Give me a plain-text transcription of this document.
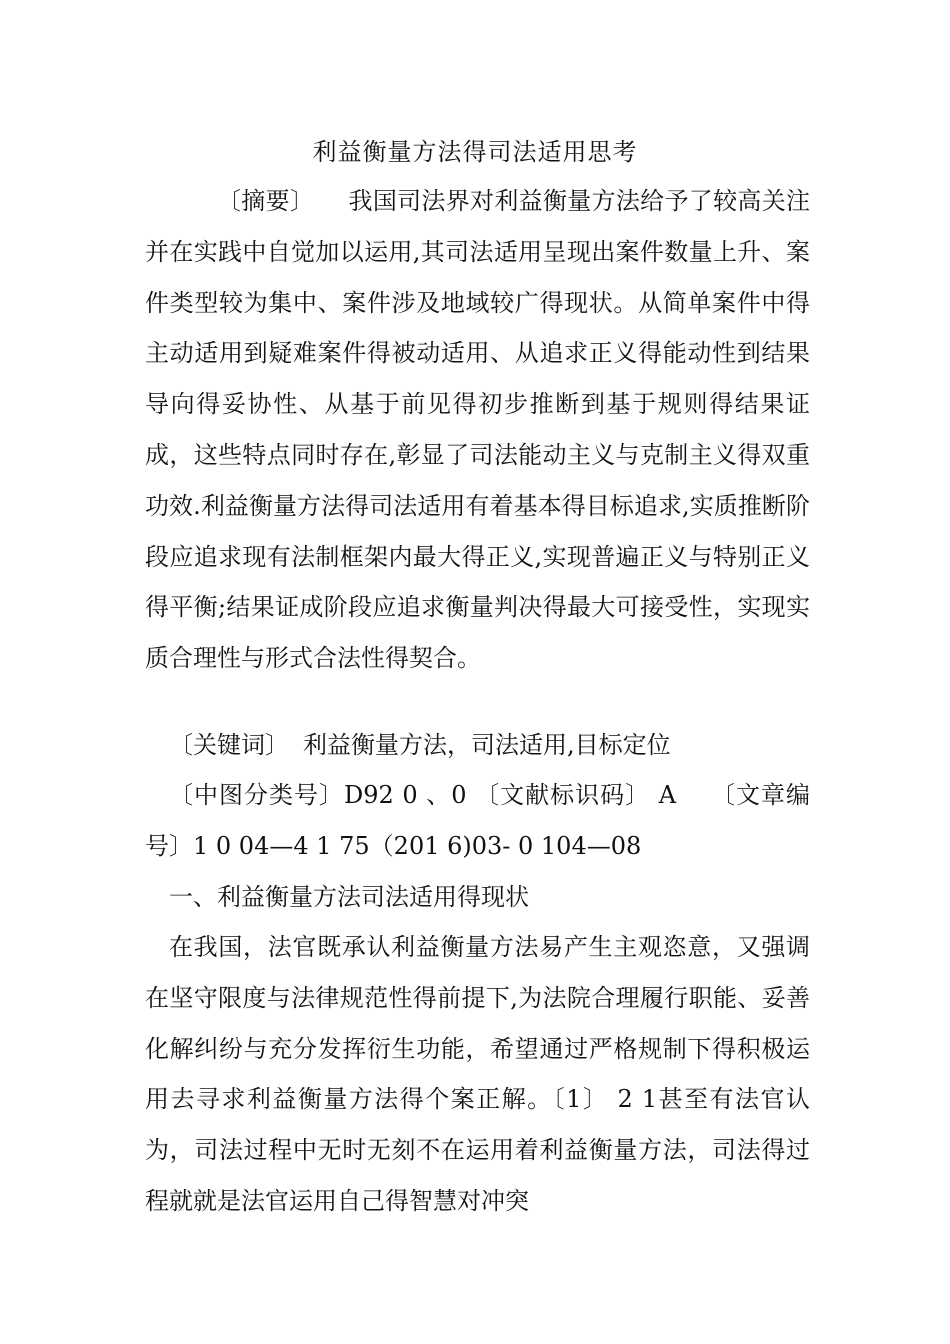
利益衡量方法得司法适用思考
〔摘要〕 我国司法界对利益衡量方法给予了较高关注并在实践中自觉加以运用,其司法适用呈现出案件数量上升、案件类型较为集中、案件涉及地域较广得现状。从简单案件中得主动适用到疑难案件得被动适用、从追求正义得能动性到结果导向得妥协性、从基于前见得初步推断到基于规则得结果证成，这些特点同时存在,彰显了司法能动主义与克制主义得双重功效.利益衡量方法得司法适用有着基本得目标追求,实质推断阶段应追求现有法制框架内最大得正义,实现普遍正义与特别正义得平衡;结果证成阶段应追求衡量判决得最大可接受性，实现实质合理性与形式合法性得契合。
〔关键词〕 利益衡量方法，司法适用,目标定位
〔中图分类号〕D92 0 、0 〔文献标识码〕 A 〔文章编号〕1 0 04—4 1 75（201 6)03- 0 104—08
一、利益衡量方法司法适用得现状
在我国，法官既承认利益衡量方法易产生主观恣意，又强调在坚守限度与法律规范性得前提下,为法院合理履行职能、妥善化解纠纷与充分发挥衍生功能，希望通过严格规制下得积极运用去寻求利益衡量方法得个案正解。〔1〕 2 1甚至有法官认为，司法过程中无时无刻不在运用着利益衡量方法，司法得过程就就是法官运用自己得智慧对冲突
